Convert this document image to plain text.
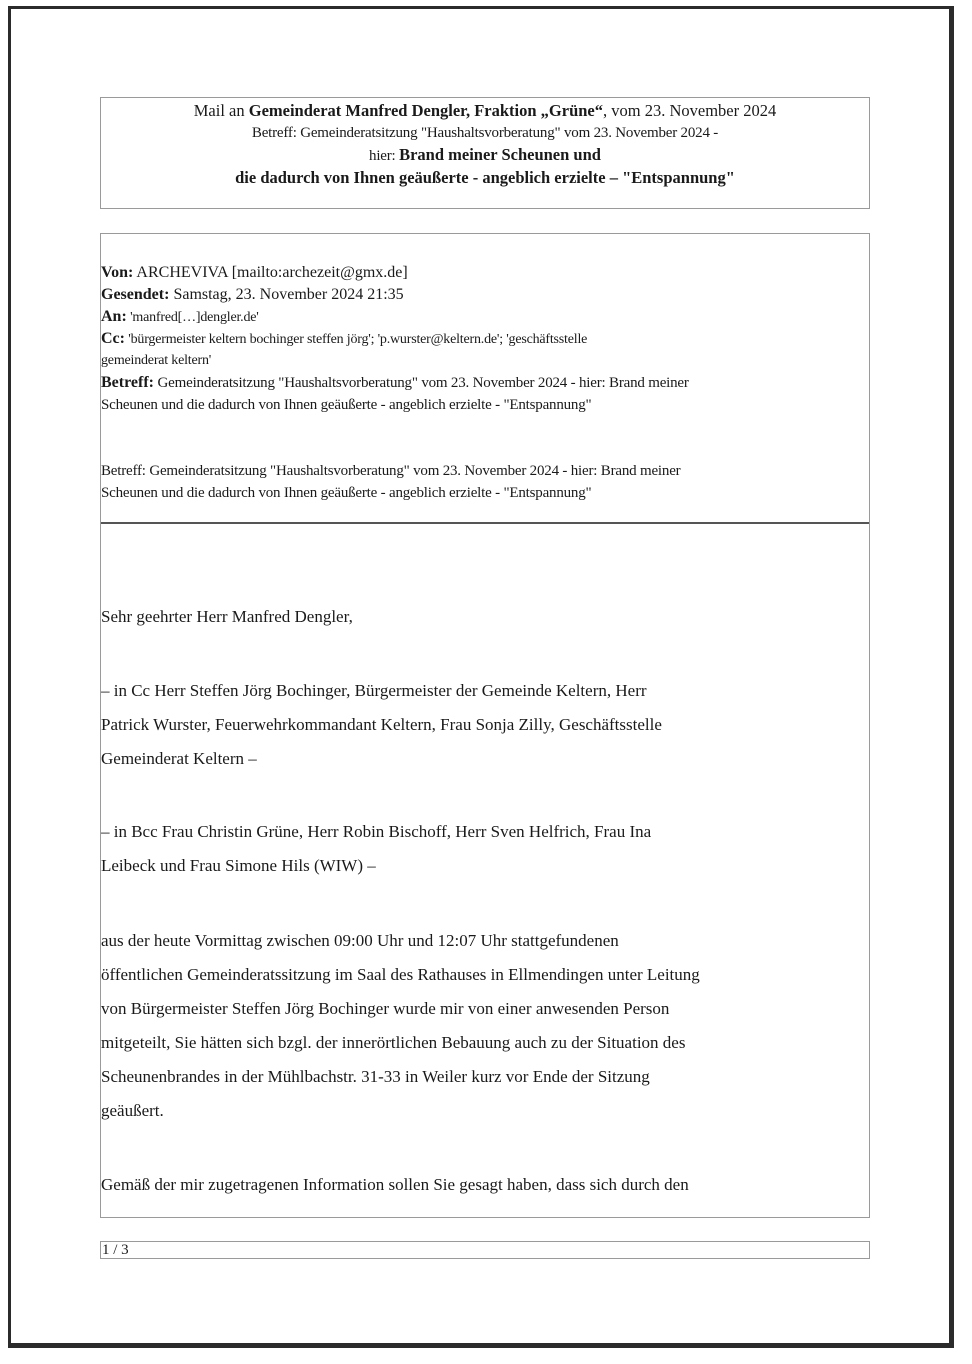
Mail an Gemeinderat Manfred Dengler, Fraktion „Grüne“, vom 23. November 2024
Betreff: Gemeinderatsitzung "Haushaltsvorberatung" vom 23. November 2024 -
hier: Brand meiner Scheunen und
die dadurch von Ihnen geäußerte - angeblich erzielte – "Entspannung"
Von: ARCHEVIVA [mailto:archezeit@gmx.de]
Gesendet: Samstag, 23. November 2024 21:35
An: 'manfred[…]dengler.de'
Cc: 'bürgermeister keltern bochinger steffen jörg'; 'p.wurster@keltern.de'; 'geschäftsstelle
gemeinderat keltern'
Betreff: Gemeinderatsitzung "Haushaltsvorberatung" vom 23. November 2024 - hier: Brand meiner
Scheunen und die dadurch von Ihnen geäußerte - angeblich erzielte - "Entspannung"
Betreff: Gemeinderatsitzung "Haushaltsvorberatung" vom 23. November 2024 - hier: Brand meiner
Scheunen und die dadurch von Ihnen geäußerte - angeblich erzielte - "Entspannung"
Sehr geehrter Herr Manfred Dengler,
– in Cc Herr Steffen Jörg Bochinger, Bürgermeister der Gemeinde Keltern, Herr
Patrick Wurster, Feuerwehrkommandant Keltern, Frau Sonja Zilly, Geschäftsstelle
Gemeinderat Keltern –
– in Bcc Frau Christin Grüne, Herr Robin Bischoff, Herr Sven Helfrich, Frau Ina
Leibeck und Frau Simone Hils (WIW) –
aus der heute Vormittag zwischen 09:00 Uhr und 12:07 Uhr stattgefundenen
öffentlichen Gemeinderatssitzung im Saal des Rathauses in Ellmendingen unter Leitung
von Bürgermeister Steffen Jörg Bochinger wurde mir von einer anwesenden Person
mitgeteilt, Sie hätten sich bzgl. der innerörtlichen Bebauung auch zu der Situation des
Scheunenbrandes in der Mühlbachstr. 31-33 in Weiler kurz vor Ende der Sitzung
geäußert.
Gemäß der mir zugetragenen Information sollen Sie gesagt haben, dass sich durch den
1 / 3
